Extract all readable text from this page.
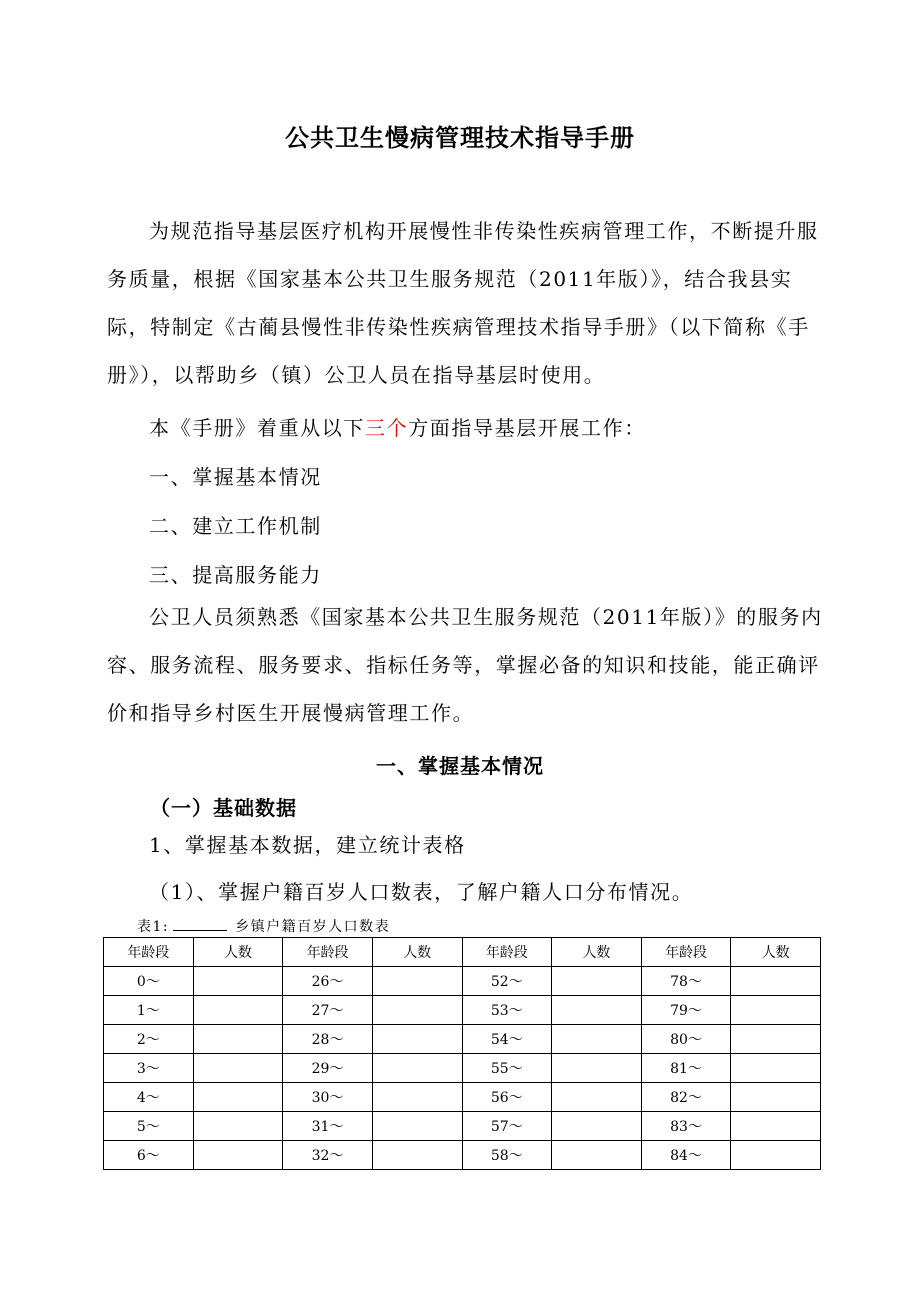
公共卫生慢病管理技术指导手册

为规范指导基层医疗机构开展慢性非传染性疾病管理工作，不断提升服务质量，根据《国家基本公共卫生服务规范（2011年版）》，结合我县实际，特制定《古蔺县慢性非传染性疾病管理技术指导手册》（以下简称《手册》），以帮助乡（镇）公卫人员在指导基层时使用。

本《手册》着重从以下三个方面指导基层开展工作：
一、掌握基本情况
二、建立工作机制
三、提高服务能力

公卫人员须熟悉《国家基本公共卫生服务规范（2011年版）》的服务内容、服务流程、服务要求、指标任务等，掌握必备的知识和技能，能正确评价和指导乡村医生开展慢病管理工作。

一、掌握基本情况
（一）基础数据
1、掌握基本数据，建立统计表格
（1）、掌握户籍百岁人口数表，了解户籍人口分布情况。
表1:	乡镇户籍百岁人口数表
年龄段	人数	年龄段	人数	年龄段	人数	年龄段	人数
0～		26～		52～		78～	
1～		27～		53～		79～	
2～		28～		54～		80～	
3～		29～		55～		81～	
4～		30～		56～		82～	
5～		31～		57～		83～	
6～		32～		58～		84～	
